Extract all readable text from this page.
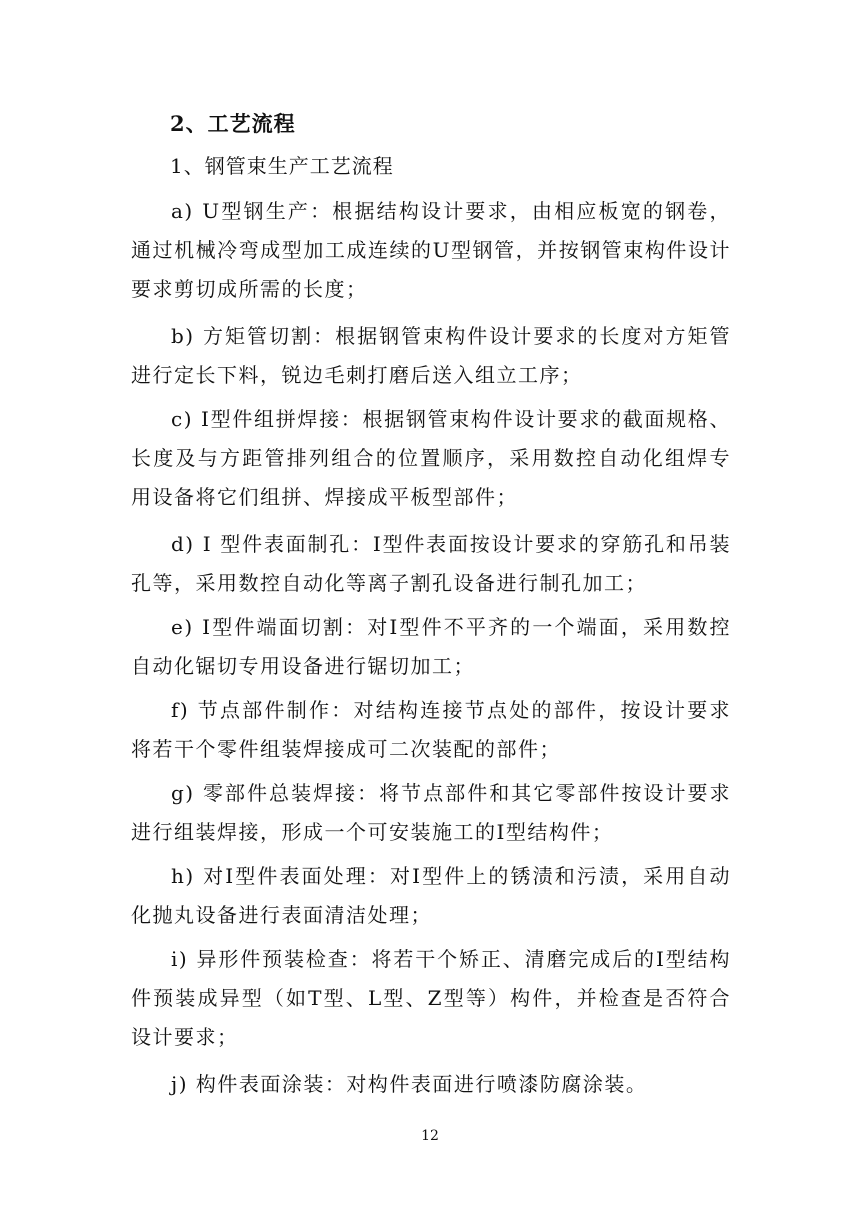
2、工艺流程
1、钢管束生产工艺流程
a) U型钢生产：根据结构设计要求，由相应板宽的钢卷，通过机械冷弯成型加工成连续的U型钢管，并按钢管束构件设计要求剪切成所需的长度；
b) 方矩管切割：根据钢管束构件设计要求的长度对方矩管进行定长下料，锐边毛刺打磨后送入组立工序；
c) I型件组拼焊接：根据钢管束构件设计要求的截面规格、长度及与方距管排列组合的位置顺序，采用数控自动化组焊专用设备将它们组拼、焊接成平板型部件；
d) I 型件表面制孔：I型件表面按设计要求的穿筋孔和吊装孔等，采用数控自动化等离子割孔设备进行制孔加工；
e) I型件端面切割：对I型件不平齐的一个端面，采用数控自动化锯切专用设备进行锯切加工；
f) 节点部件制作：对结构连接节点处的部件，按设计要求将若干个零件组装焊接成可二次装配的部件；
g) 零部件总装焊接：将节点部件和其它零部件按设计要求进行组装焊接，形成一个可安装施工的I型结构件；
h) 对I型件表面处理：对I型件上的锈渍和污渍，采用自动化抛丸设备进行表面清洁处理；
i) 异形件预装检查：将若干个矫正、清磨完成后的I型结构件预装成异型（如T型、L型、Z型等）构件，并检查是否符合设计要求；
j) 构件表面涂装：对构件表面进行喷漆防腐涂装。
12
